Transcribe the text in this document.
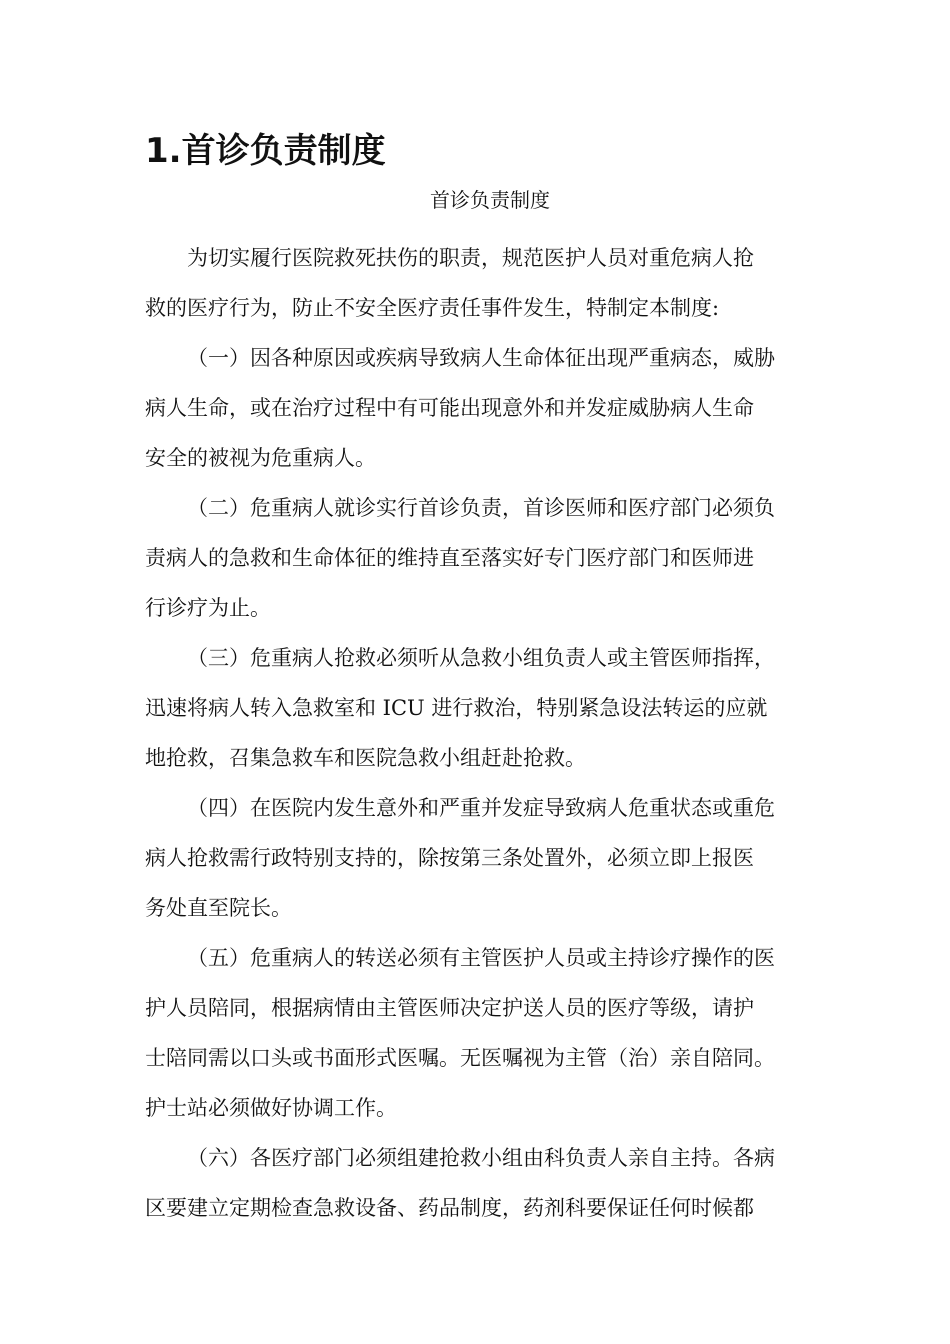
1.首诊负责制度

首诊负责制度

为切实履行医院救死扶伤的职责，规范医护人员对重危病人抢
救的医疗行为，防止不安全医疗责任事件发生，特制定本制度:

（一）因各种原因或疾病导致病人生命体征出现严重病态，威胁
病人生命，或在治疗过程中有可能出现意外和并发症威胁病人生命
安全的被视为危重病人。

（二）危重病人就诊实行首诊负责，首诊医师和医疗部门必须负
责病人的急救和生命体征的维持直至落实好专门医疗部门和医师进
行诊疗为止。

（三）危重病人抢救必须听从急救小组负责人或主管医师指挥，
迅速将病人转入急救室和 ICU 进行救治，特别紧急设法转运的应就
地抢救，召集急救车和医院急救小组赶赴抢救。

（四）在医院内发生意外和严重并发症导致病人危重状态或重危
病人抢救需行政特别支持的，除按第三条处置外，必须立即上报医
务处直至院长。

（五）危重病人的转送必须有主管医护人员或主持诊疗操作的医
护人员陪同，根据病情由主管医师决定护送人员的医疗等级，请护
士陪同需以口头或书面形式医嘱。无医嘱视为主管（治）亲自陪同。
护士站必须做好协调工作。

（六）各医疗部门必须组建抢救小组由科负责人亲自主持。各病
区要建立定期检查急救设备、药品制度，药剂科要保证任何时候都
